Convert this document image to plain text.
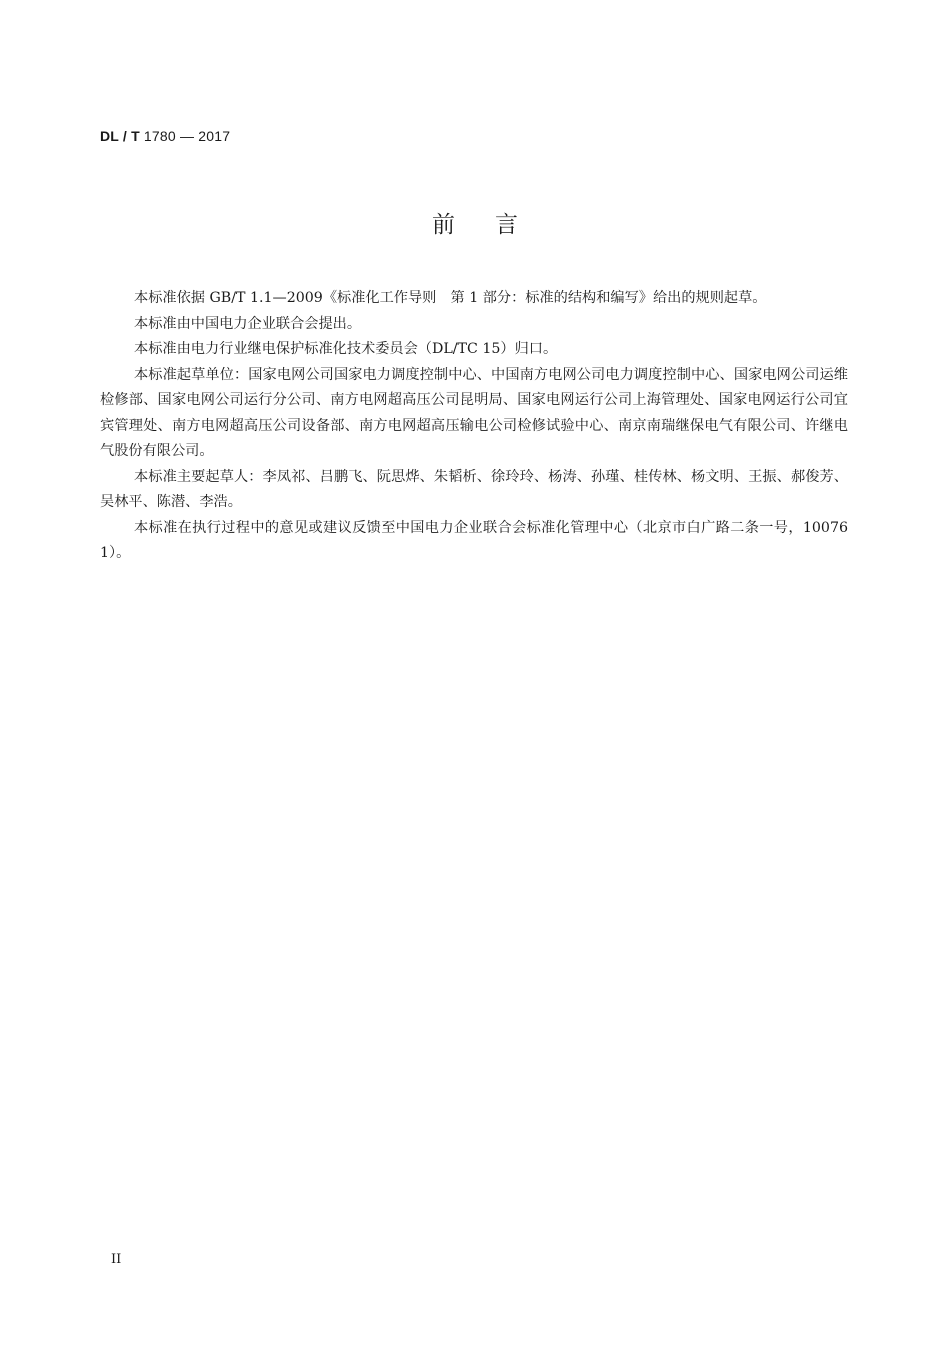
DL / T 1780 — 2017
前言

本标准依据 GB/T 1.1—2009《标准化工作导则　第 1 部分：标准的结构和编写》给出的规则起草。

本标准由中国电力企业联合会提出。

本标准由电力行业继电保护标准化技术委员会（DL/TC 15）归口。

本标准起草单位：国家电网公司国家电力调度控制中心、中国南方电网公司电力调度控制中心、国家电网公司运维检修部、国家电网公司运行分公司、南方电网超高压公司昆明局、国家电网运行公司上海管理处、国家电网运行公司宜宾管理处、南方电网超高压公司设备部、南方电网超高压输电公司检修试验中心、南京南瑞继保电气有限公司、许继电气股份有限公司。

本标准主要起草人：李凤祁、吕鹏飞、阮思烨、朱韬析、徐玲玲、杨涛、孙瑾、桂传林、杨文明、王振、郝俊芳、吴林平、陈潜、李浩。

本标准在执行过程中的意见或建议反馈至中国电力企业联合会标准化管理中心（北京市白广路二条一号，100761）。

II
